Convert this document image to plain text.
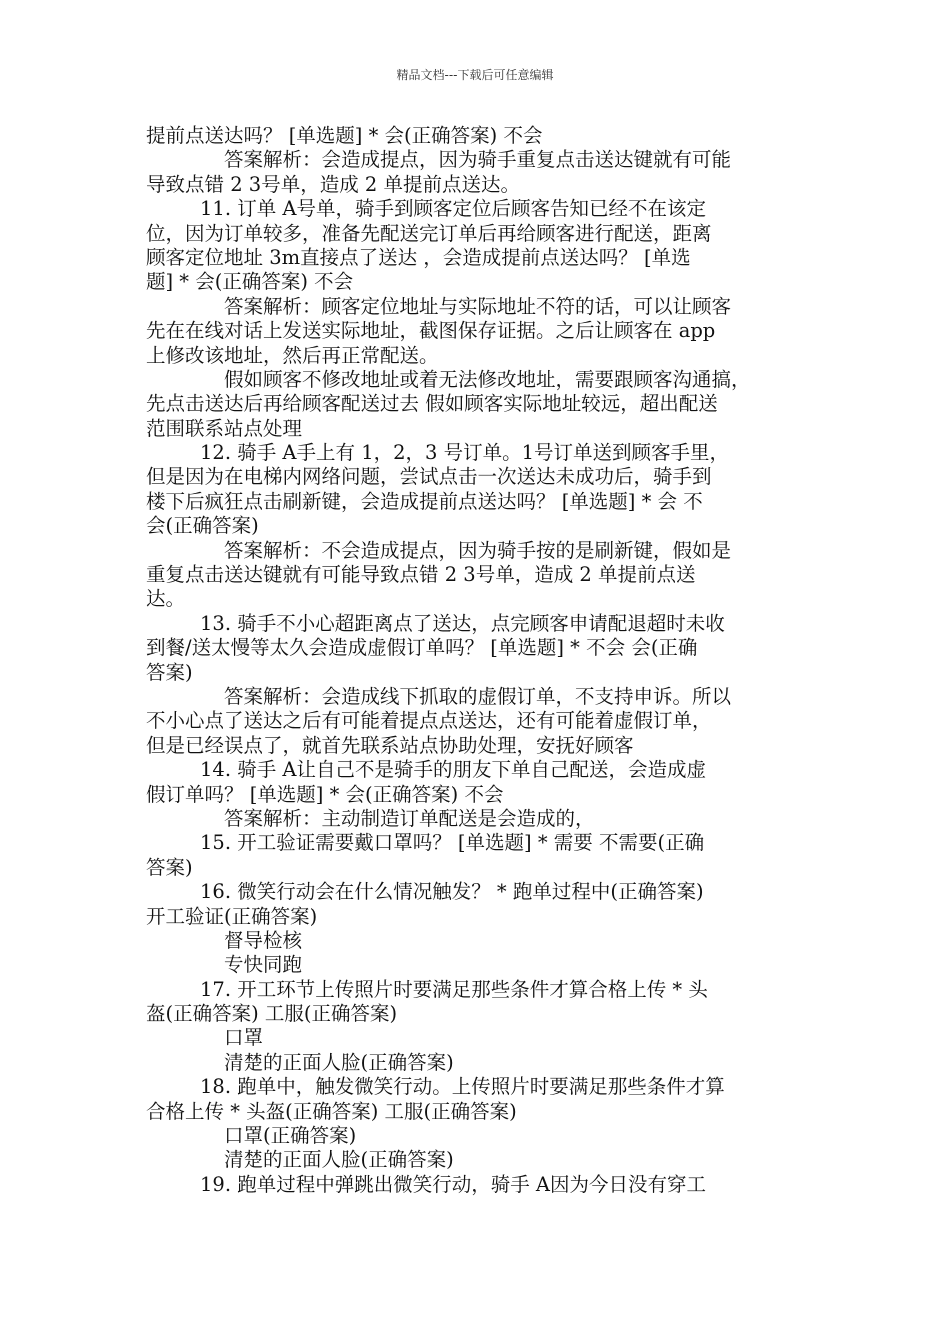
精品文档---下载后可任意编辑
提前点送达吗？ [单选题] * 会(正确答案) 不会
答案解析：会造成提点，因为骑手重复点击送达键就有可能
导致点错 2 3号单，造成 2 单提前点送达。
11. 订单 A号单，骑手到顾客定位后顾客告知已经不在该定
位，因为订单较多，准备先配送完订单后再给顾客进行配送，距离
顾客定位地址 3m直接点了送达 ，会造成提前点送达吗？ [单选
题] * 会(正确答案) 不会
答案解析：顾客定位地址与实际地址不符的话，可以让顾客
先在在线对话上发送实际地址，截图保存证据。之后让顾客在 app
上修改该地址，然后再正常配送。
假如顾客不修改地址或着无法修改地址，需要跟顾客沟通搞，
先点击送达后再给顾客配送过去 假如顾客实际地址较远，超出配送
范围联系站点处理
12. 骑手 A手上有 1，2，3 号订单。1号订单送到顾客手里，
但是因为在电梯内网络问题，尝试点击一次送达未成功后，骑手到
楼下后疯狂点击刷新键，会造成提前点送达吗？ [单选题] * 会 不
会(正确答案)
答案解析：不会造成提点，因为骑手按的是刷新键，假如是
重复点击送达键就有可能导致点错 2 3号单，造成 2 单提前点送
达。
13. 骑手不小心超距离点了送达，点完顾客申请配退超时未收
到餐/送太慢等太久会造成虚假订单吗？ [单选题] * 不会 会(正确
答案)
答案解析：会造成线下抓取的虚假订单，不支持申诉。所以
不小心点了送达之后有可能着提点点送达，还有可能着虚假订单，
但是已经误点了，就首先联系站点协助处理，安抚好顾客
14. 骑手 A让自己不是骑手的朋友下单自己配送，会造成虚
假订单吗？ [单选题] * 会(正确答案) 不会
答案解析：主动制造订单配送是会造成的，
15. 开工验证需要戴口罩吗？ [单选题] * 需要 不需要(正确
答案)
16. 微笑行动会在什么情况触发？ * 跑单过程中(正确答案)
开工验证(正确答案)
督导检核
专快同跑
17. 开工环节上传照片时要满足那些条件才算合格上传 * 头
盔(正确答案) 工服(正确答案)
口罩
清楚的正面人脸(正确答案)
18. 跑单中，触发微笑行动。上传照片时要满足那些条件才算
合格上传 * 头盔(正确答案) 工服(正确答案)
口罩(正确答案)
清楚的正面人脸(正确答案)
19. 跑单过程中弹跳出微笑行动，骑手 A因为今日没有穿工
